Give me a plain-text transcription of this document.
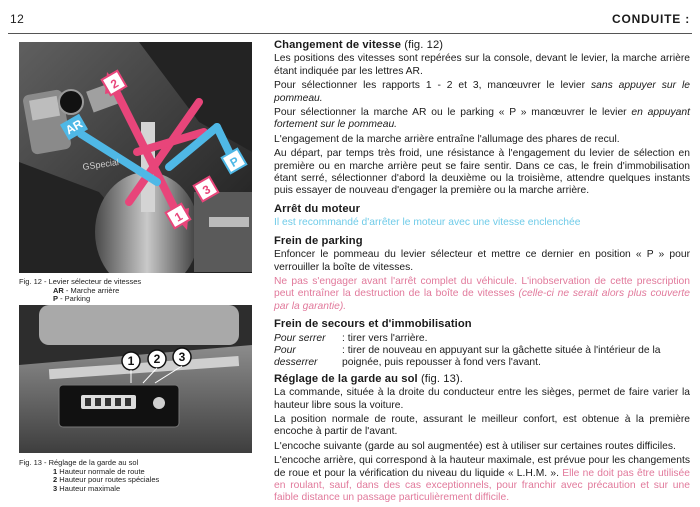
12	CONDUITE :
AR
2
1
3
P
GSpecial
Fig. 12 - Levier sélecteur de vitesses
AR - Marche arrière
P - Parking
1 2 3
Fig. 13 - Réglage de la garde au sol
1 Hauteur normale de route
2 Hauteur pour routes spéciales
3 Hauteur maximale
Changement de vitesse (fig. 12)

Les positions des vitesses sont repérées sur la console, devant le levier, la marche arrière étant indiquée par les lettres AR.

Pour sélectionner les rapports 1 - 2 et 3, manœuvrer le levier sans appuyer sur le pommeau.

Pour sélectionner la marche AR ou le parking « P » manœuvrer le levier en appuyant fortement sur le pommeau.

L'engagement de la marche arrière entraîne l'allumage des phares de recul.

Au départ, par temps très froid, une résistance à l'engagement du levier de sélection en première ou en marche arrière peut se faire sentir. Dans ce cas, le frein d'immobilisation étant serré, sélectionner d'abord la deuxième ou la troisième, attendre quelques instants puis essayer de nouveau d'engager la première ou la marche arrière.

Arrêt du moteur

Il est recommandé d'arrêter le moteur avec une vitesse enclenchée

Frein de parking

Enfoncer le pommeau du levier sélecteur et mettre ce dernier en position « P » pour verrouiller la boîte de vitesses.

Ne pas s'engager avant l'arrêt complet du véhicule. L'inobservation de cette prescription peut entraîner la destruction de la boîte de vitesses (celle-ci ne serait alors plus couverte par la garantie).

Frein de secours et d'immobilisation
Pour serrer	: tirer vers l'arrière.
Pour desserrer
: tirer de nouveau en appuyant sur la gâchette située à l'intérieur de la poignée, puis repousser à fond vers l'avant.
Réglage de la garde au sol (fig. 13).

La commande, située à la droite du conducteur entre les sièges, permet de faire varier la hauteur libre sous la voiture.

La position normale de route, assurant le meilleur confort, est obtenue à la première encoche à partir de l'avant.

L'encoche suivante (garde au sol augmentée) est à utiliser sur certaines routes difficiles.

L'encoche arrière, qui correspond à la hauteur maximale, est prévue pour les changements de roue et pour la vérification du niveau du liquide « L.H.M. ». Elle ne doit pas être utilisée en roulant, sauf, dans des cas exceptionnels, pour franchir avec précaution et sur une faible distance un passage particulièrement difficile.
